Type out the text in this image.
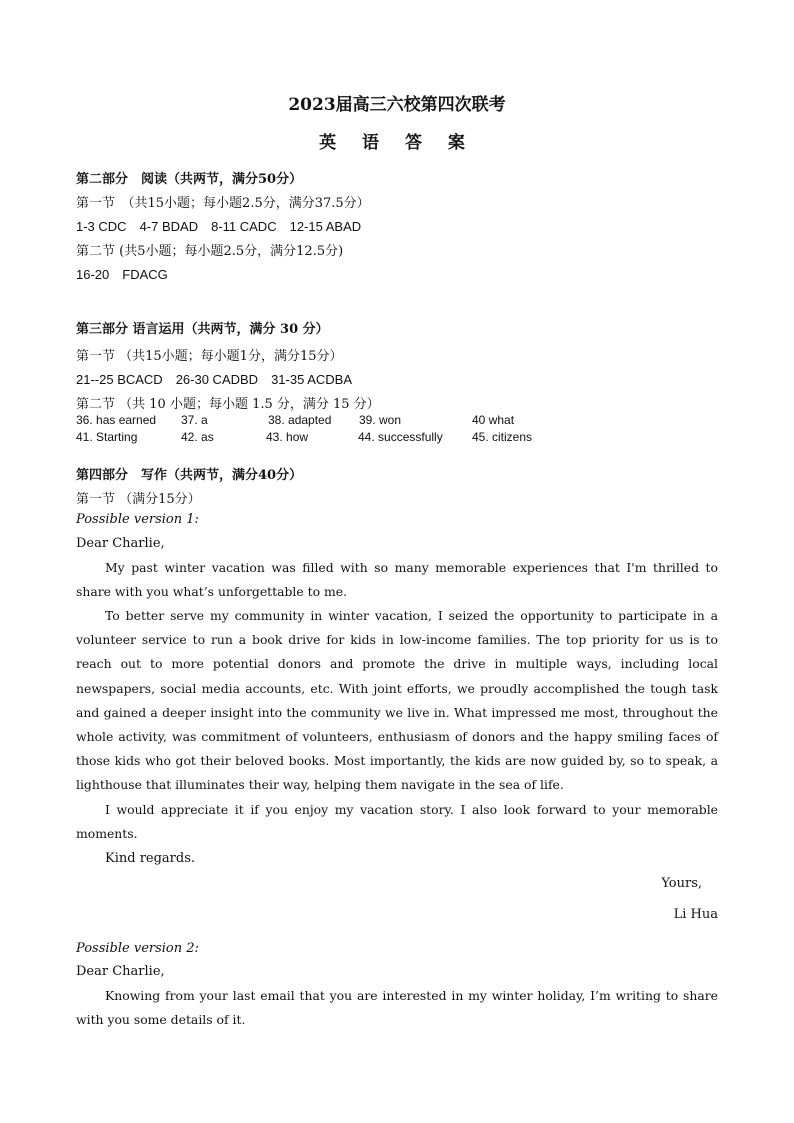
2023届高三六校第四次联考
英 语 答 案
第二部分　阅读（共两节，满分50分）
第一节　（共15小题；每小题2.5分，满分37.5分）
1-3 CDC　4-7 BDAD　8-11 CADC　12-15 ABAD
第二节 (共5小题；每小题2.5分，满分12.5分)
16-20　FDACG
第三部分 语言运用（共两节，满分 30 分）
第一节 （共15小题；每小题1分，满分15分）
21--25 BCACD　26-30 CADBD　31-35 ACDBA
第二节 （共 10 小题；每小题 1.5 分，满分 15 分）
36. has earned 37. a	38. adapted 39. won	40 what
41. Starting	42. as	43. how	44. successfully 45. citizens
第四部分　写作（共两节，满分40分）
第一节 （满分15分）
Possible version 1:
Dear Charlie,

My past winter vacation was filled with so many memorable experiences that I'm thrilled to share with you what’s unforgettable to me.

To better serve my community in winter vacation, I seized the opportunity to participate in a volunteer service to run a book drive for kids in low-income families. The top priority for us is to reach out to more potential donors and promote the drive in multiple ways, including local newspapers, social media accounts, etc. With joint efforts, we proudly accomplished the tough task and gained a deeper insight into the community we live in. What impressed me most, throughout the whole activity, was commitment of volunteers, enthusiasm of donors and the happy smiling faces of those kids who got their beloved books. Most importantly, the kids are now guided by, so to speak, a lighthouse that illuminates their way, helping them navigate in the sea of life.

I would appreciate it if you enjoy my vacation story. I also look forward to your memorable moments.

Kind regards.
Yours,
Li Hua
Possible version 2:
Dear Charlie,

Knowing from your last email that you are interested in my winter holiday, I’m writing to share with you some details of it.
